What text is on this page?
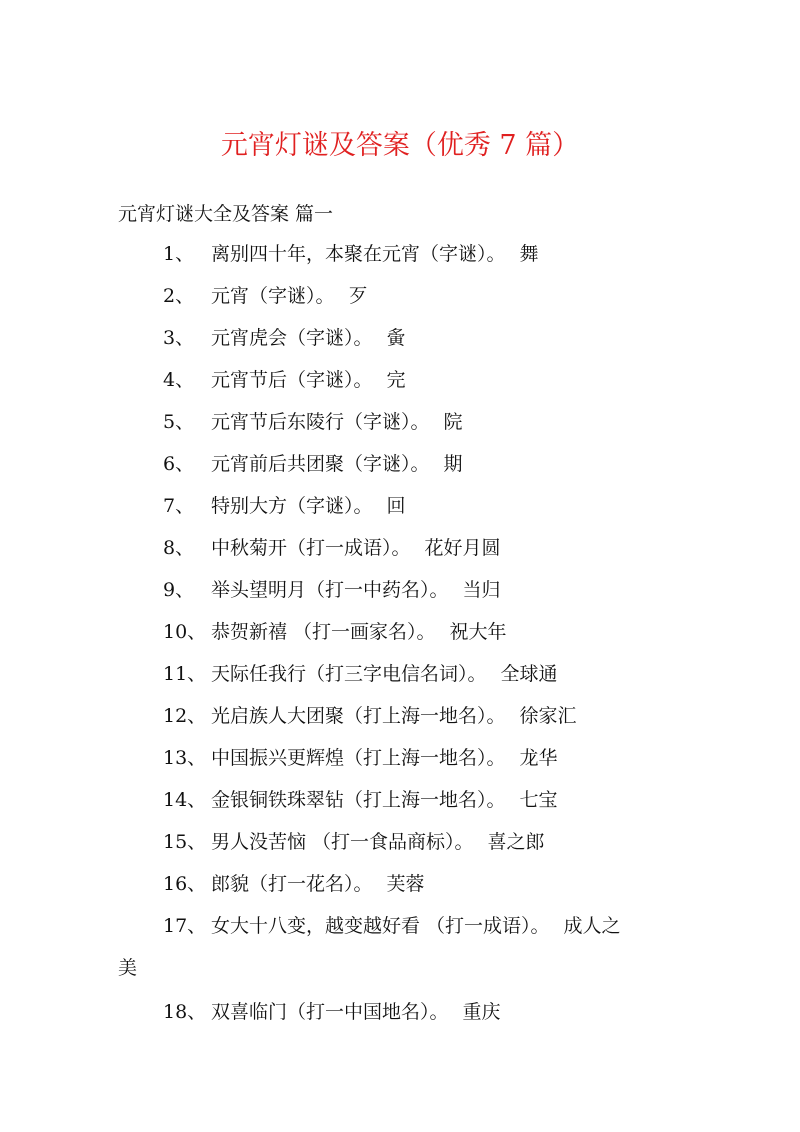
元宵灯谜及答案（优秀 7 篇）
元宵灯谜大全及答案 篇一
1、 离别四十年，本聚在元宵（字谜）。 舞
2、 元宵（字谜）。 歹
3、 元宵虎会（字谜）。 夤
4、 元宵节后（字谜）。 完
5、 元宵节后东陵行（字谜）。 院
6、 元宵前后共团聚（字谜）。 期
7、 特别大方（字谜）。 回
8、 中秋菊开（打一成语）。 花好月圆
9、 举头望明月（打一中药名）。 当归
10、 恭贺新禧 （打一画家名）。 祝大年
11、 天际任我行（打三字电信名词）。 全球通
12、 光启族人大团聚（打上海一地名）。 徐家汇
13、 中国振兴更辉煌（打上海一地名）。 龙华
14、 金银铜铁珠翠钻（打上海一地名）。 七宝
15、 男人没苦恼 （打一食品商标）。 喜之郎
16、 郎貌（打一花名）。 芙蓉
17、 女大十八变，越变越好看 （打一成语）。 成人之
美
18、 双喜临门（打一中国地名）。 重庆
